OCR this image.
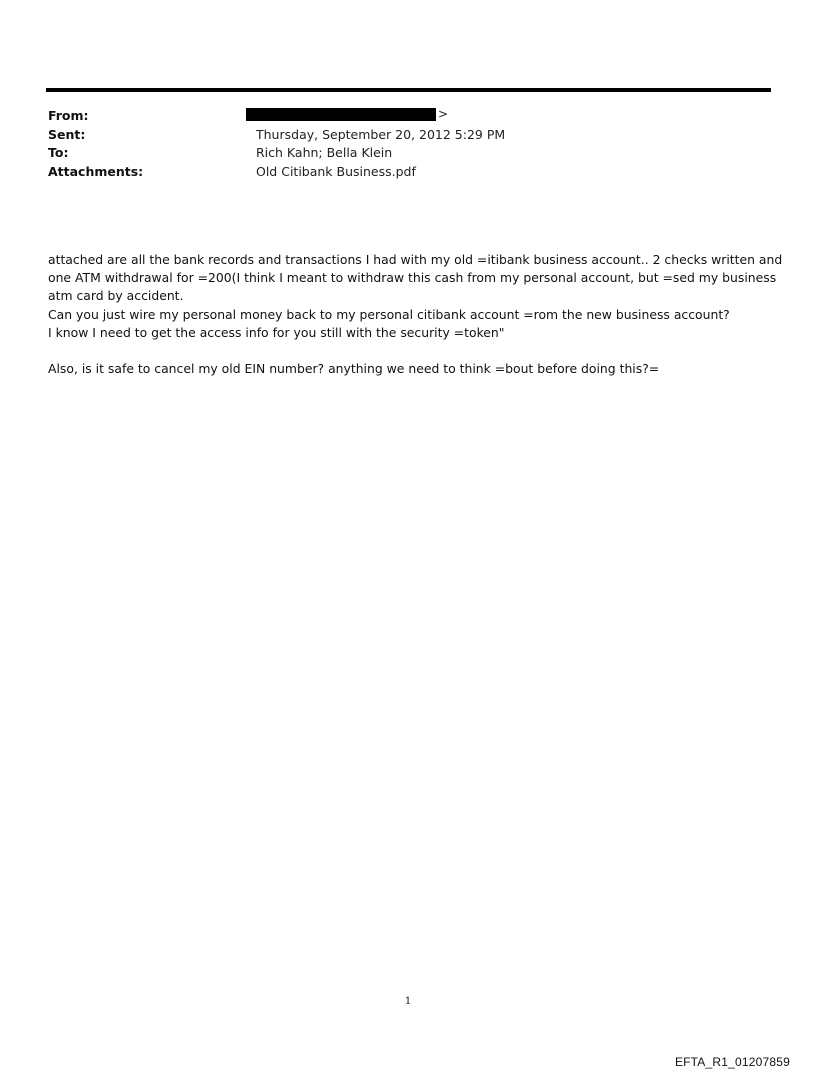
From:	>
Sent:	Thursday, September 20, 2012 5:29 PM
To:	Rich Kahn; Bella Klein
Attachments:	Old Citibank Business.pdf

attached are all the bank records and transactions I had with my old =itibank business account.. 2 checks written and

one ATM withdrawal for =200(I think I meant to withdraw this cash from my personal account, but =sed my business

atm card by accident.

Can you just wire my personal money back to my personal citibank account =rom the new business account?

I know I need to get the access info for you still with the security =token"

Also, is it safe to cancel my old EIN number? anything we need to think =bout before doing this?=

1
EFTA_R1_01207859
